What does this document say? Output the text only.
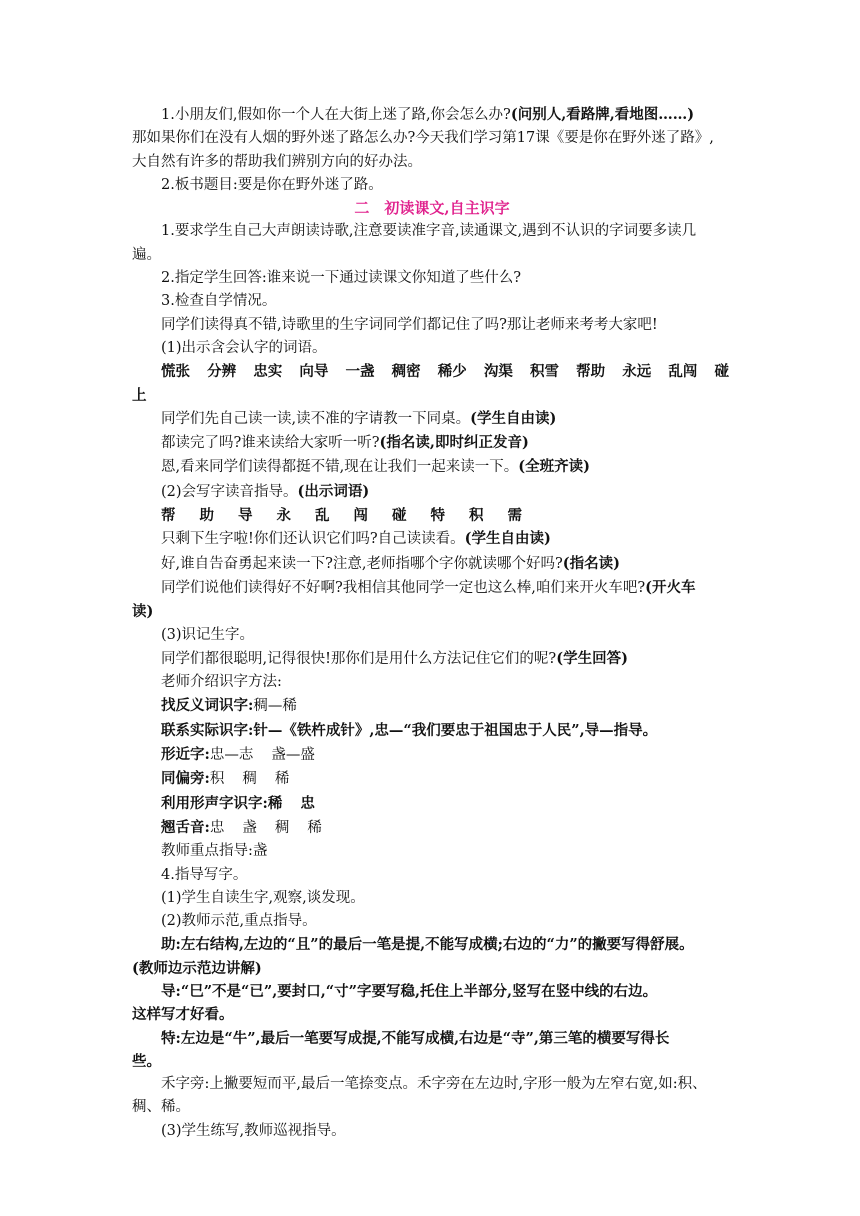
1.小朋友们,假如你一个人在大街上迷了路,你会怎么办?(问别人,看路牌,看地图……)

那如果你们在没有人烟的野外迷了路怎么办?今天我们学习第17课《要是你在野外迷了路》,

大自然有许多的帮助我们辨别方向的好办法。

2.板书题目:要是你在野外迷了路。

二　初读课文,自主识字

1.要求学生自己大声朗读诗歌,注意要读准字音,读通课文,遇到不认识的字词要多读几

遍。

2.指定学生回答:谁来说一下通过读课文你知道了些什么?

3.检查自学情况。

同学们读得真不错,诗歌里的生字词同学们都记住了吗?那让老师来考考大家吧!

(1)出示含会认字的词语。

慌张 分辨 忠实 向导 一盏 稠密 稀少 沟渠 积雪 帮助 永远 乱闯 碰

上

同学们先自己读一读,读不准的字请教一下同桌。(学生自由读)

都读完了吗?谁来读给大家听一听?(指名读,即时纠正发音)

恩,看来同学们读得都挺不错,现在让我们一起来读一下。(全班齐读)

(2)会写字读音指导。(出示词语)

帮 助 导 永 乱 闯 碰 特 积 需

只剩下生字啦!你们还认识它们吗?自己读读看。(学生自由读)

好,谁自告奋勇起来读一下?注意,老师指哪个字你就读哪个好吗?(指名读)

同学们说他们读得好不好啊?我相信其他同学一定也这么棒,咱们来开火车吧?(开火车

读)

(3)识记生字。

同学们都很聪明,记得很快!那你们是用什么方法记住它们的呢?(学生回答)

老师介绍识字方法:

找反义词识字:稠—稀

联系实际识字:针—《铁杵成针》,忠—“我们要忠于祖国忠于人民”,导—指导。

形近字:忠—志 盏—盛

同偏旁:积 稠 稀

利用形声字识字:稀 忠

翘舌音:忠 盏 稠 稀

教师重点指导:盏

4.指导写字。

(1)学生自读生字,观察,谈发现。

(2)教师示范,重点指导。

助:左右结构,左边的“且”的最后一笔是提,不能写成横;右边的“力”的撇要写得舒展。

(教师边示范边讲解)

导:“巳”不是“已”,要封口,“寸”字要写稳,托住上半部分,竖写在竖中线的右边。

这样写才好看。

特:左边是“牛”,最后一笔要写成提,不能写成横,右边是“寺”,第三笔的横要写得长

些。

禾字旁:上撇要短而平,最后一笔捺变点。禾字旁在左边时,字形一般为左窄右宽,如:积、

稠、稀。

(3)学生练写,教师巡视指导。
